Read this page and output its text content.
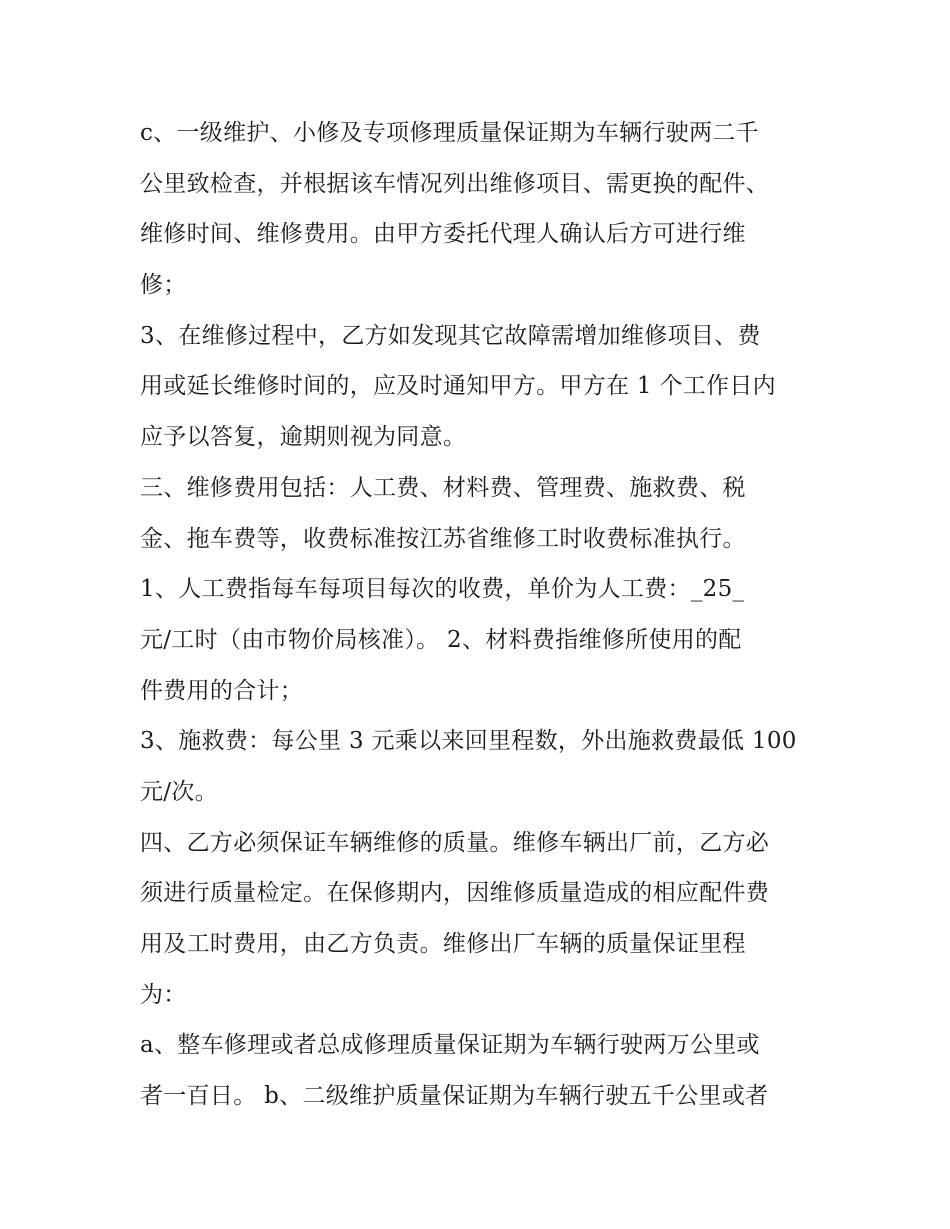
c、一级维护、小修及专项修理质量保证期为车辆行驶两二千
公里致检查，并根据该车情况列出维修项目、需更换的配件、
维修时间、维修费用。由甲方委托代理人确认后方可进行维
修；
3、在维修过程中，乙方如发现其它故障需增加维修项目、费
用或延长维修时间的，应及时通知甲方。甲方在 1 个工作日内
应予以答复，逾期则视为同意。
三、维修费用包括：人工费、材料费、管理费、施救费、税
金、拖车费等，收费标准按江苏省维修工时收费标准执行。
1、人工费指每车每项目每次的收费，单价为人工费：_25_
元/工时（由市物价局核准）。 2、材料费指维修所使用的配
件费用的合计；
3、施救费：每公里 3 元乘以来回里程数，外出施救费最低 100
元/次。
四、乙方必须保证车辆维修的质量。维修车辆出厂前，乙方必
须进行质量检定。在保修期内，因维修质量造成的相应配件费
用及工时费用，由乙方负责。维修出厂车辆的质量保证里程
为：
a、整车修理或者总成修理质量保证期为车辆行驶两万公里或
者一百日。 b、二级维护质量保证期为车辆行驶五千公里或者
